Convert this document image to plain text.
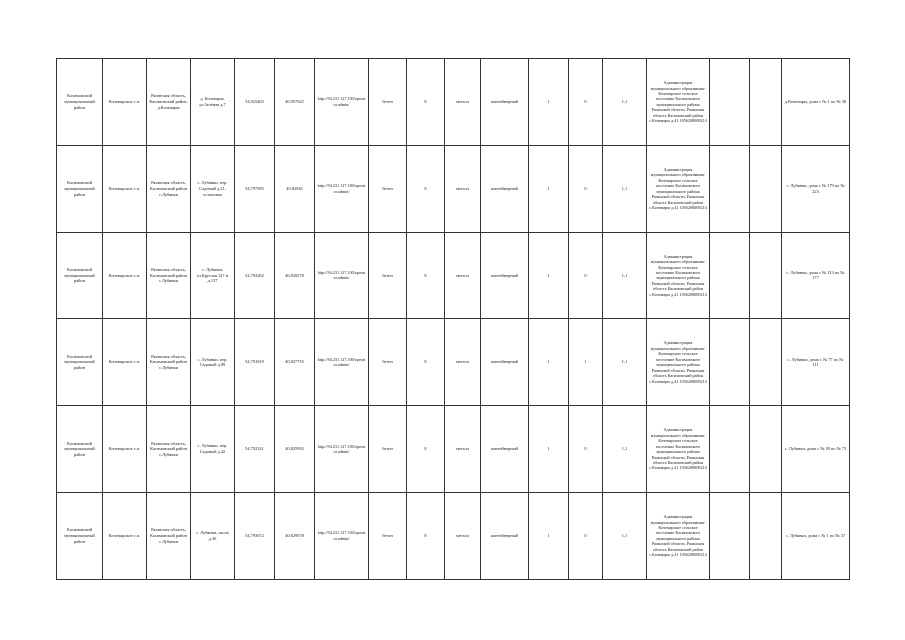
Касимовский муниципальный район	Кочемарское с.п.	Рязанская область, Касимовский район, д.Кочемары	д. Кочемары, ул.Зелёная д.7	54,925465	40,957025	http://94.231.127.100/operator.admin/	бетон	8	металл	контейнерный	1	0	1,1	Администрация муниципального образования-Кочемарское сельское поселение Касимовского муниципального района Рязанской области, Рязанская область Касимовский район с.Кочемары д.41 1056208008214			д.Кочемары, дома с № 1 по № 38
Касимовский муниципальный район	Кочемарское с.п.	Рязанская область, Касимовский район с.Лубянки	с. Лубянки, пер. Садовый д.21, остановка	54,797585	40,82945	http://94.231.127.100/operator.admin/	бетон	8	металл	контейнерный	1	0	1,1	Администрация муниципального образования-Кочемарское сельское поселение Касимовского муниципального района Рязанской области, Рязанская область Касимовский район с.Кочемары д.41 1056208008214			с. Лубянки, дома с № 179 по № 223
Касимовский муниципальный район	Кочемарское с.п.	Рязанская область, Касимовский район с.Лубянки	с. Лубянки, ул.Круглая 127 м д.137	54,794282	40,828278	http://94.231.127.100/operator.admin/	бетон	8	металл	контейнерный	1	0	1,1	Администрация муниципального образования-Кочемарское сельское поселение Касимовского муниципального района Рязанской области, Рязанская область Касимовский район с.Кочемары д.41 1056208008214			с. Лубянки, дома с № 113 по № 177
Касимовский муниципальный район	Кочемарское с.п.	Рязанская область, Касимовский район с.Лубянки	с. Лубянки, пер. Садовый д.89	54,791819	40,827735	http://94.231.127.100/operator.admin/	бетон	8	металл	контейнерный	1	1	1,1	Администрация муниципального образования-Кочемарское сельское поселение Касимовского муниципального района Рязанской области, Рязанская область Касимовский район с.Кочемары д.41 1056208008214			с. Лубянки, дома с № 77 по № 111
Касимовский муниципальный район	Кочемарское с.п.	Рязанская область, Касимовский район с.Лубянки	с. Лубянки, пер. Садовый д.42	54,792321	40,825992	http://94.231.127.100/operator.admin/	бетон	8	металл	контейнерный	1	0	1,1	Администрация муниципального образования-Кочемарское сельское поселение Касимовского муниципального района Рязанской области, Рязанская область Касимовский район с.Кочемары д.41 1056208008214			с. Лубянки, дома с № 39 по № 73
Касимовский муниципальный район	Кочемарское с.п.	Рязанская область, Касимовский район с.Лубянки	с. Лубянки, около д.20	54,793672	40,829078	http://94.231.127.100/operator.admin/	бетон	8	металл	контейнерный	1	0	1,1	Администрация муниципального образования-Кочемарское сельское поселение Касимовского муниципального района Рязанской области, Рязанская область Касимовский район с.Кочемары д.41 1056208008214			с. Лубянки, дома с № 1 по № 37
